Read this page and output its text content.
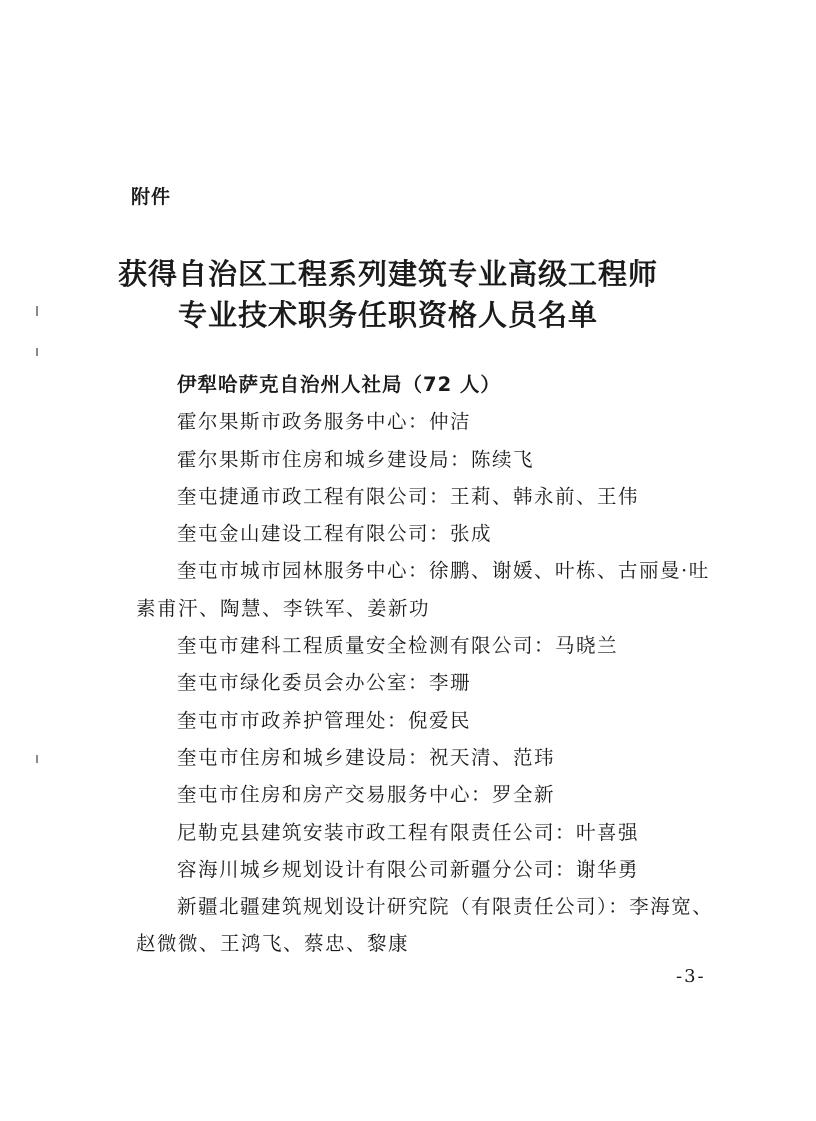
附件
获得自治区工程系列建筑专业高级工程师
专业技术职务任职资格人员名单
伊犁哈萨克自治州人社局（72 人）
霍尔果斯市政务服务中心：仲洁
霍尔果斯市住房和城乡建设局：陈续飞
奎屯捷通市政工程有限公司：王莉、韩永前、王伟
奎屯金山建设工程有限公司：张成
奎屯市城市园林服务中心：徐鹏、谢媛、叶栋、古丽曼·吐素甫汗、陶慧、李铁军、姜新功
奎屯市建科工程质量安全检测有限公司：马晓兰
奎屯市绿化委员会办公室：李珊
奎屯市市政养护管理处：倪爱民
奎屯市住房和城乡建设局：祝天清、范玮
奎屯市住房和房产交易服务中心：罗全新
尼勒克县建筑安装市政工程有限责任公司：叶喜强
容海川城乡规划设计有限公司新疆分公司：谢华勇
新疆北疆建筑规划设计研究院（有限责任公司）：李海宽、赵微微、王鸿飞、蔡忠、黎康
-3-
